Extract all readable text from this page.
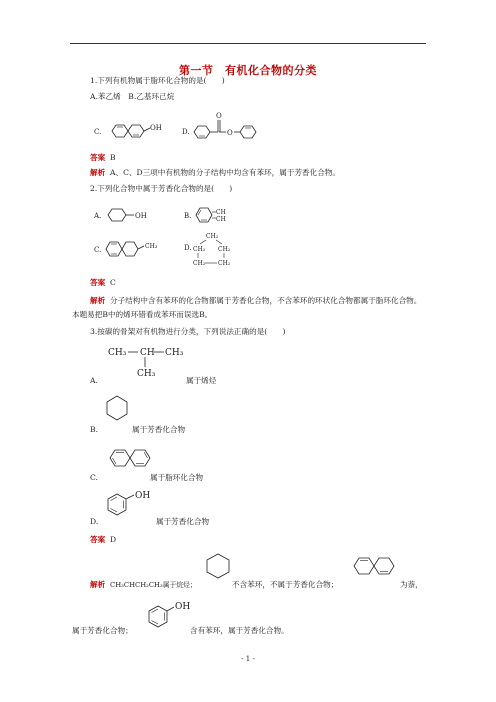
第一节　有机化合物的分类
1.下列有机物属于脂环化合物的是(　　)
A.苯乙烯　B.乙基环己烷
C.	OH	D.
O
O
答案 B
解析 A、C、D三项中有机物的分子结构中均含有苯环，属于芳香化合物。
2.下列化合物中属于芳香化合物的是(　　)
A.	OH	B.	CH
CH
C.	CH₃	D.
CH₂
CH₂ CH₂
CH₂ CH₂
答案 C
解析 分子结构中含有苯环的化合物都属于芳香化合物，不含苯环的环状化合物都属于脂环化合物。本题易把B中的烯环错看成苯环而误选B。
3.按碳的骨架对有机物进行分类，下列说法正确的是(　　)
CH₃ CH CH₃
CH₃
A.	属于烯烃
B.	属于芳香化合物
C.	属于脂环化合物
OH
D.	属于芳香化合物
答案 D
解析 CH₃CHCH₂CH₃属于烷烃；	不含苯环，不属于芳香化合物；	为萘，
属于芳香化合物；
OH
含有苯环，属于芳香化合物。
- 1 -
